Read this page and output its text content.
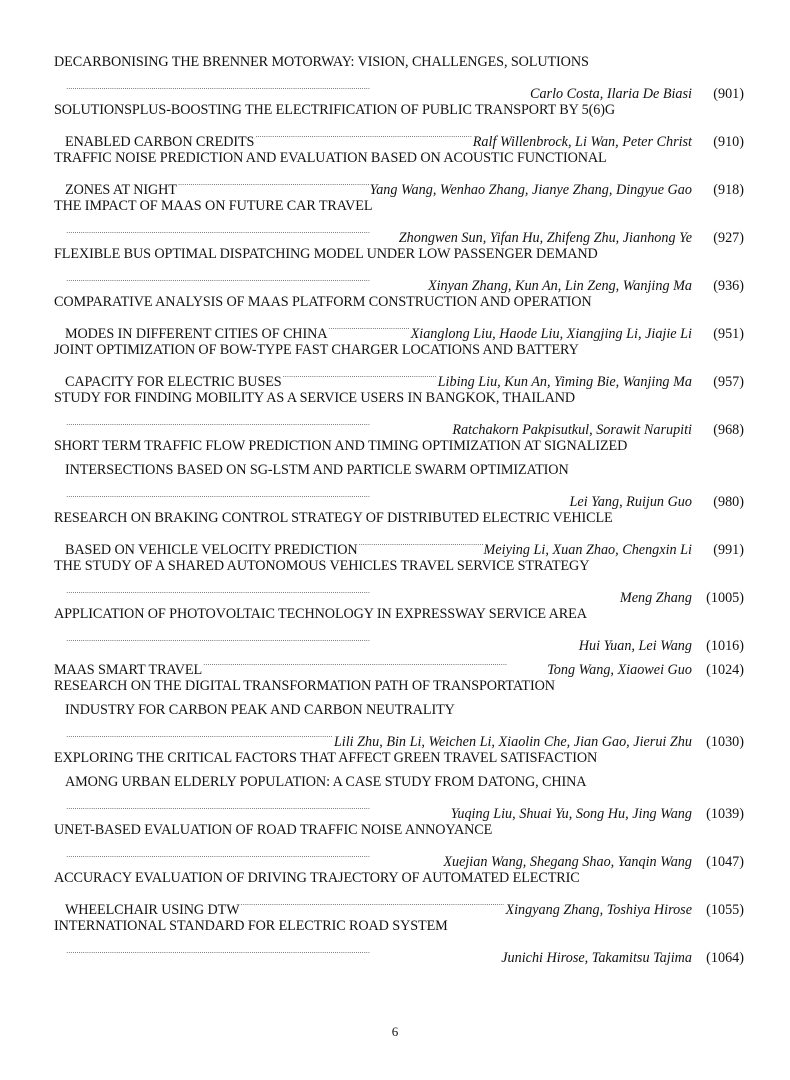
DECARBONISING THE BRENNER MOTORWAY: VISION, CHALLENGES, SOLUTIONS
· · ·
Carlo Costa, Ilaria De Biasi	(901)
SOLUTIONSPLUS-BOOSTING THE ELECTRIFICATION OF PUBLIC TRANSPORT BY 5(6)G
ENABLED CARBON CREDITS · · ·	Ralf Willenbrock, Li Wan, Peter Christ	(910)
TRAFFIC NOISE PREDICTION AND EVALUATION BASED ON ACOUSTIC FUNCTIONAL
ZONES AT NIGHT · · ·	Yang Wang, Wenhao Zhang, Jianye Zhang, Dingyue Gao	(918)
THE IMPACT OF MAAS ON FUTURE CAR TRAVEL
· · ·
Zhongwen Sun, Yifan Hu, Zhifeng Zhu, Jianhong Ye	(927)
FLEXIBLE BUS OPTIMAL DISPATCHING MODEL UNDER LOW PASSENGER DEMAND
· · ·
Xinyan Zhang, Kun An, Lin Zeng, Wanjing Ma	(936)
COMPARATIVE ANALYSIS OF MAAS PLATFORM CONSTRUCTION AND OPERATION
MODES IN DIFFERENT CITIES OF CHINA · · ·	Xianglong Liu, Haode Liu, Xiangjing Li, Jiajie Li	(951)
JOINT OPTIMIZATION OF BOW-TYPE FAST CHARGER LOCATIONS AND BATTERY
CAPACITY FOR ELECTRIC BUSES · · ·	Libing Liu, Kun An, Yiming Bie, Wanjing Ma	(957)
STUDY FOR FINDING MOBILITY AS A SERVICE USERS IN BANGKOK, THAILAND
· · ·
Ratchakorn Pakpisutkul, Sorawit Narupiti	(968)
SHORT TERM TRAFFIC FLOW PREDICTION AND TIMING OPTIMIZATION AT SIGNALIZED
INTERSECTIONS BASED ON SG-LSTM AND PARTICLE SWARM OPTIMIZATION
· · ·
Lei Yang, Ruijun Guo	(980)
RESEARCH ON BRAKING CONTROL STRATEGY OF DISTRIBUTED ELECTRIC VEHICLE
BASED ON VEHICLE VELOCITY PREDICTION · · ·	Meiying Li, Xuan Zhao, Chengxin Li	(991)
THE STUDY OF A SHARED AUTONOMOUS VEHICLES TRAVEL SERVICE STRATEGY
· · ·
Meng Zhang (1005)
APPLICATION OF PHOTOVOLTAIC TECHNOLOGY IN EXPRESSWAY SERVICE AREA
· · ·
Hui Yuan, Lei Wang (1016)
MAAS SMART TRAVEL · · ·	Tong Wang, Xiaowei Guo (1024)
RESEARCH ON THE DIGITAL TRANSFORMATION PATH OF TRANSPORTATION
INDUSTRY FOR CARBON PEAK AND CARBON NEUTRALITY
· · ·
Lili Zhu, Bin Li, Weichen Li, Xiaolin Che, Jian Gao, Jierui Zhu (1030)
EXPLORING THE CRITICAL FACTORS THAT AFFECT GREEN TRAVEL SATISFACTION
AMONG URBAN ELDERLY POPULATION: A CASE STUDY FROM DATONG, CHINA
· · ·
Yuqing Liu, Shuai Yu, Song Hu, Jing Wang (1039)
UNET-BASED EVALUATION OF ROAD TRAFFIC NOISE ANNOYANCE
· · ·
Xuejian Wang, Shegang Shao, Yanqin Wang (1047)
ACCURACY EVALUATION OF DRIVING TRAJECTORY OF AUTOMATED ELECTRIC
WHEELCHAIR USING DTW · · ·	Xingyang Zhang, Toshiya Hirose (1055)
INTERNATIONAL STANDARD FOR ELECTRIC ROAD SYSTEM
· · ·
Junichi Hirose, Takamitsu Tajima (1064)
6
